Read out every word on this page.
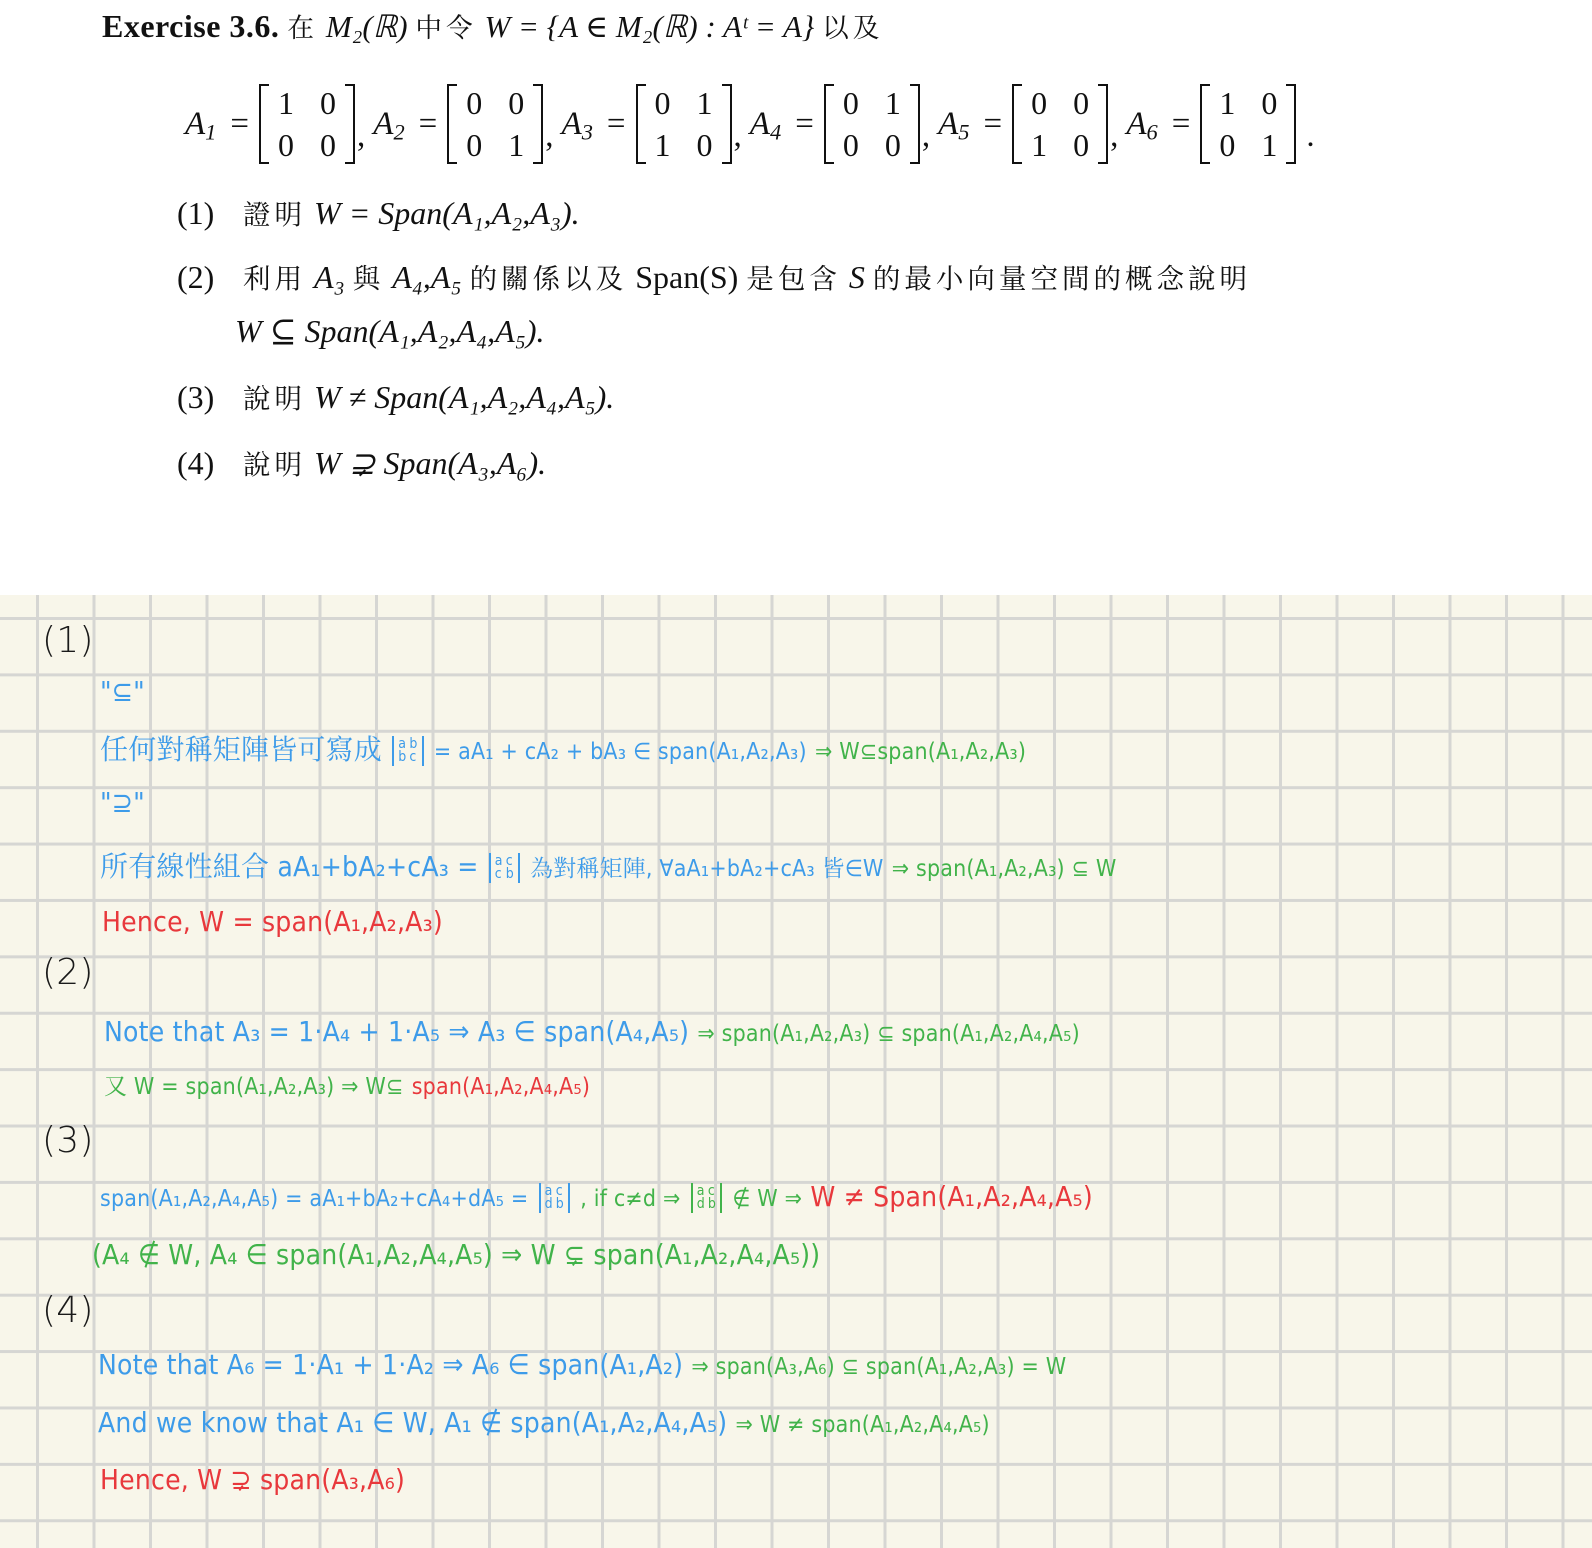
Exercise 3.6. 在 M₂(ℝ) 中令 W = {A ∈ M₂(ℝ) : Aᵗ = A} 以及
$A_1$ =
1 0
0 0 , $A_2$ =
0 0
0 1 , $A_3$ =
0 1
1 0 , $A_4$ =
0 1
0 0 , $A_5$ =
0 0
1 0 , $A_6$ =
1 0
0 1 .
(1) 證明 W = Span(A₁,A₂,A₃).
(2) 利用 A₃ 與 A₄,A₅ 的關係以及 Span(S) 是包含 S 的最小向量空間的概念說明
W ⊆ Span(A₁,A₂,A₄,A₅).
(3) 說明 W ≠ Span(A₁,A₂,A₄,A₅).
(4) 說明 W ⊋ Span(A₃,A₆).
(1)
"⊆"
任何對稱矩陣皆可寫成 a b
b c = aA₁ + cA₂ + bA₃ ∈ span(A₁,A₂,A₃) ⇒ W⊆span(A₁,A₂,A₃)
"⊇"
所有線性組合 aA₁+bA₂+cA₃ = a c
c b 為對稱矩陣, ∀aA₁+bA₂+cA₃ 皆∈W ⇒ span(A₁,A₂,A₃) ⊆ W
Hence, W = span(A₁,A₂,A₃)
(2)
Note that A₃ = 1·A₄ + 1·A₅ ⇒ A₃ ∈ span(A₄,A₅) ⇒ span(A₁,A₂,A₃) ⊆ span(A₁,A₂,A₄,A₅)
又 W = span(A₁,A₂,A₃) ⇒ W⊆ span(A₁,A₂,A₄,A₅)
(3)
span(A₁,A₂,A₄,A₅) = aA₁+bA₂+cA₄+dA₅ = a c
d b , if c≠d ⇒ a c
d b ∉ W ⇒ W ≠ Span(A₁,A₂,A₄,A₅)
(A₄ ∉ W, A₄ ∈ span(A₁,A₂,A₄,A₅) ⇒ W ⊊ span(A₁,A₂,A₄,A₅))
(4)
Note that A₆ = 1·A₁ + 1·A₂ ⇒ A₆ ∈ span(A₁,A₂) ⇒ span(A₃,A₆) ⊆ span(A₁,A₂,A₃) = W
And we know that A₁ ∈ W, A₁ ∉ span(A₁,A₂,A₄,A₅) ⇒ W ≠ span(A₁,A₂,A₄,A₅)
Hence, W ⊋ span(A₃,A₆)
